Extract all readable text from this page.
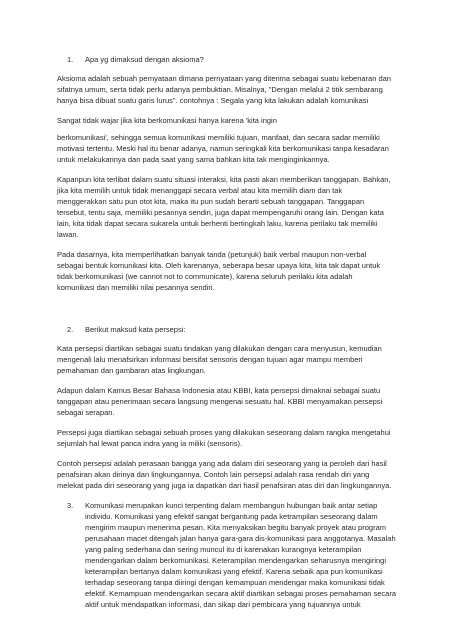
1. Apa yg dimaksud dengan aksioma?
Aksioma adalah sebuah pernyataan dimana pernyataan yang diterima sebagai suatu kebenaran dan
sifatnya umum, serta tidak perlu adanya pembuktian. Misalnya, "Dengan melalui 2 titik sembarang
hanya bisa dibuat suatu garis lurus". contohnya : Segala yang kita lakukan adalah komunikasi
Sangat tidak wajar jika kita berkomunikasi hanya karena 'kita ingin
berkomunikasi', sehingga semua komunikasi memiliki tujuan, manfaat, dan secara sadar memiliki
motivasi tertentu. Meski hal itu benar adanya, namun seringkali kita berkomunikasi tanpa kesadaran
untuk melakukannya dan pada saat yang sama bahkan kita tak menginginkannya.
Kapanpun kita terlibat dalam suatu situasi interaksi, kita pasti akan memberikan tanggapan. Bahkan,
jika kita memilih untuk tidak menanggapi secara verbal atau kita memilih diam dan tak
menggerakkan satu pun otot kita, maka itu pun sudah berarti sebuah tanggapan. Tanggapan
tersebut, tentu saja, memiliki pesannya sendiri, juga dapat mempengaruhi orang lain. Dengan kata
lain, kita tidak dapat secara sukarela untuk berhenti bertingkah laku, karena perilaku tak memiliki
lawan.
Pada dasarnya, kita memperlihatkan banyak tanda (petunjuk) baik verbal maupun non-verbal
sebagai bentuk komunikasi kita. Oleh karenanya, seberapa besar upaya kita, kita tak dapat untuk
tidak berkomunikasi (we cannot not to communicate), karena seluruh perilaku kita adalah
komunikasi dan memiliki nilai pesannya sendiri.
2. Berikut maksud kata persepsi:
Kata persepsi diartikan sebagai suatu tindakan yang dilakukan dengan cara menyusun, kemudian
mengenali lalu menafsirkan informasi bersifat sensoris dengan tujuan agar mampu memberi
pemahaman dan gambaran atas lingkungan.
Adapun dalam Kamus Besar Bahasa Indonesia atau KBBI, kata persepsi dimaknai sebagai suatu
tanggapan atau penerimaan secara langsung mengenai sesuatu hal. KBBI menyamakan persepsi
sebagai serapan.
Persepsi juga diartikan sebagai sebuah proses yang dilakukan seseorang dalam rangka mengetahui
sejumlah hal lewat panca indra yang ia miliki (sensoris).
Contoh persepsi adalah perasaan bangga yang ada dalam diri seseorang yang ia peroleh dari hasil
penafsiran akan dirinya dan lingkungannya. Contoh lain persepsi adalah rasa rendah diri yang
melekat pada diri seseorang yang juga ia dapatkan dari hasil penafsiran atas diri dan lingkungannya.
3. Komunikasi merupakan kunci terpenting dalam membangun hubungan baik antar setiap
individu. Komunikasi yang efektif sangat bergantung pada ketrampilan seseorang dalam
mengirim maupun menerima pesan. Kita menyaksikan begitu banyak proyek atau program
perusahaan macet ditengah jalan hanya gara-gara dis-komunikasi para anggotanya. Masalah
yang paling sederhana dan sering muncul itu di karenakan kurangnya keterampilan
mendengarkan dalam berkomunikasi. Keterampilan mendengarkan seharusnya mengiringi
keterampilan bertanya dalam komunikasi yang efektif. Karena sebaik apa pun komunikasi
terhadap seseorang tanpa diiringi dengan kemampuan mendengar maka komunikasi tidak
efektif. Kemampuan mendengarkan secara aktif diartikan sebagai proses pemahaman secara
aktif untuk mendapatkan informasi, dan sikap dari pembicara yang tujuannya untuk
